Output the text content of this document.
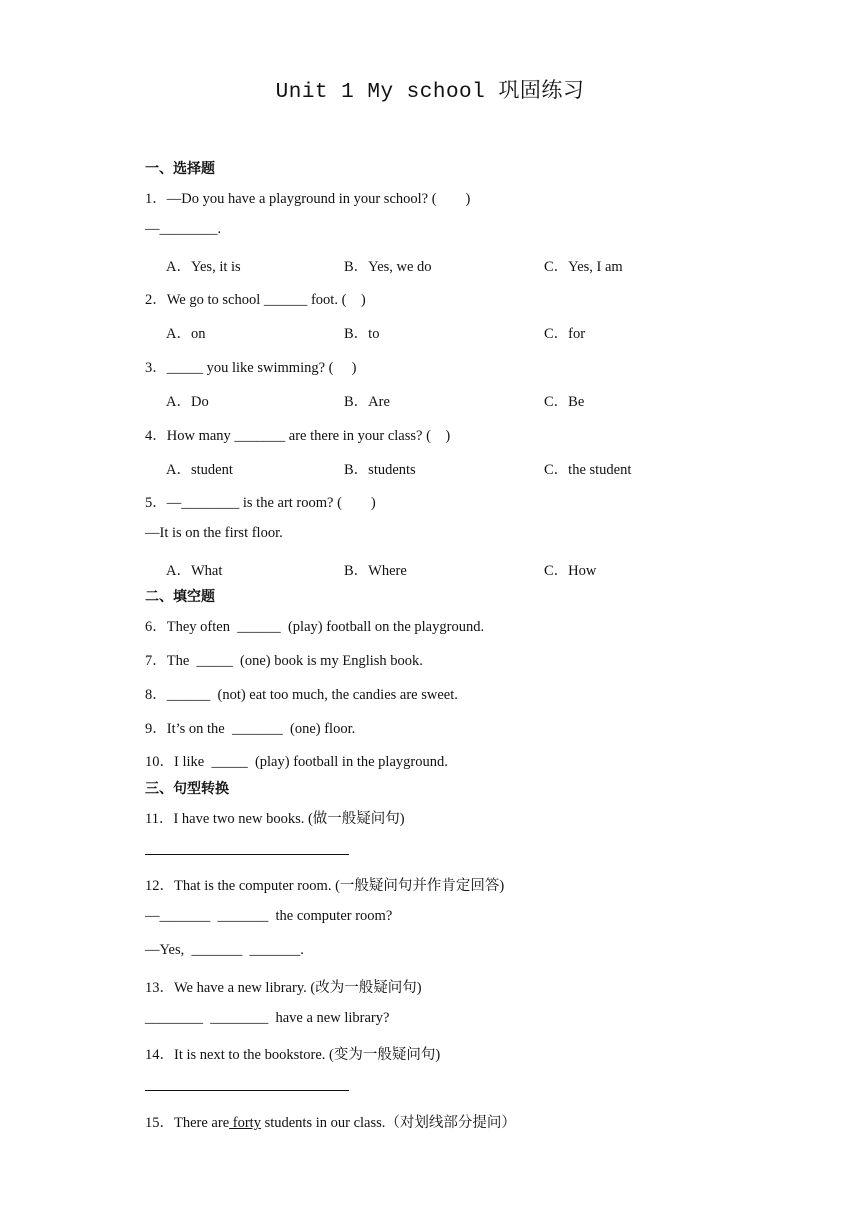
Unit 1 My school 巩固练习
一、选择题
1．—Do you have a playground in your school? (        )
—________.
A．Yes, it is	B．Yes, we do	C．Yes, I am
2．We go to school ______ foot. (    )
A．on	B．to	C．for
3．_____ you like swimming? (     )
A．Do	B．Are	C．Be
4．How many _______ are there in your class? (    )
A．student	B．students	C．the student
5．—________ is the art room? (        )
—It is on the first floor.
A．What	B．Where	C．How
二、填空题
6．They often  ______  (play) football on the playground.
7．The  _____  (one) book is my English book.
8．______  (not) eat too much, the candies are sweet.
9．It’s on the  _______  (one) floor.
10．I like  _____  (play) football in the playground.
三、句型转换
11．I have two new books. (做一般疑问句)
12．That is the computer room. (一般疑问句并作肯定回答)
—_______  _______  the computer room?
—Yes,  _______  _______.
13．We have a new library. (改为一般疑问句)
________  ________  have a new library?
14．It is next to the bookstore. (变为一般疑问句)
15．There are forty students in our class.（对划线部分提问）
